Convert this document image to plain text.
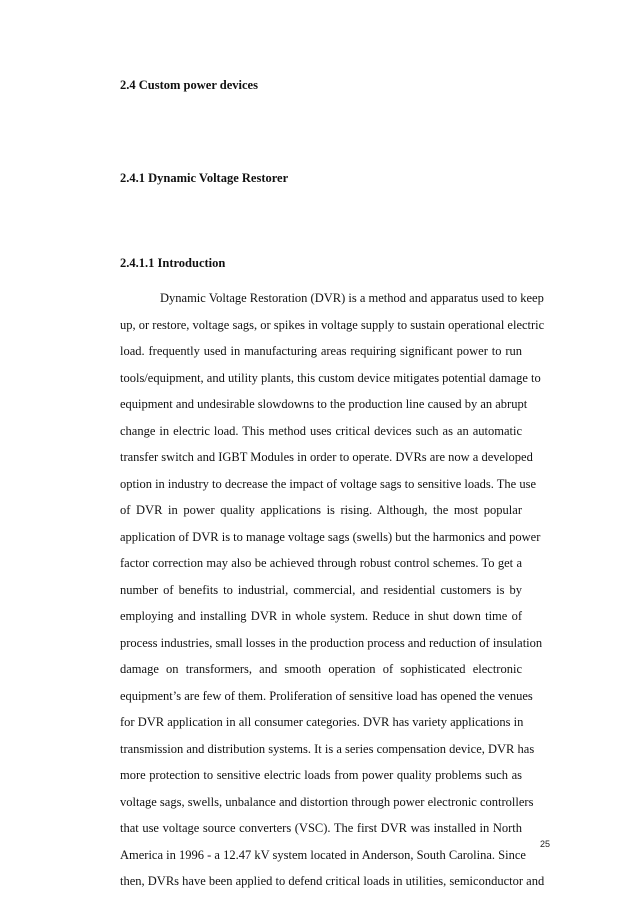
2.4 Custom power devices
2.4.1 Dynamic Voltage Restorer
2.4.1.1 Introduction
Dynamic Voltage Restoration (DVR) is a method and apparatus used to keep
up, or restore, voltage sags, or spikes in voltage supply to sustain operational electric
load. frequently used in manufacturing areas requiring significant power to run
tools/equipment, and utility plants, this custom device mitigates potential damage to
equipment and undesirable slowdowns to the production line caused by an abrupt
change in electric load. This method uses critical devices such as an automatic
transfer switch and IGBT Modules in order to operate. DVRs are now a developed
option in industry to decrease the impact of voltage sags to sensitive loads. The use
of DVR in power quality applications is rising. Although, the most popular
application of DVR is to manage voltage sags (swells) but the harmonics and power
factor correction may also be achieved through robust control schemes. To get a
number of benefits to industrial, commercial, and residential customers is by
employing and installing DVR in whole system. Reduce in shut down time of
process industries, small losses in the production process and reduction of insulation
damage on transformers, and smooth operation of sophisticated electronic
equipment’s are few of them. Proliferation of sensitive load has opened the venues
for DVR application in all consumer categories. DVR has variety applications in
transmission and distribution systems. It is a series compensation device, DVR has
more protection to sensitive electric loads from power quality problems such as
voltage sags, swells, unbalance and distortion through power electronic controllers
that use voltage source converters (VSC). The first DVR was installed in North
America in 1996 - a 12.47 kV system located in Anderson, South Carolina. Since
then, DVRs have been applied to defend critical loads in utilities, semiconductor and
25
